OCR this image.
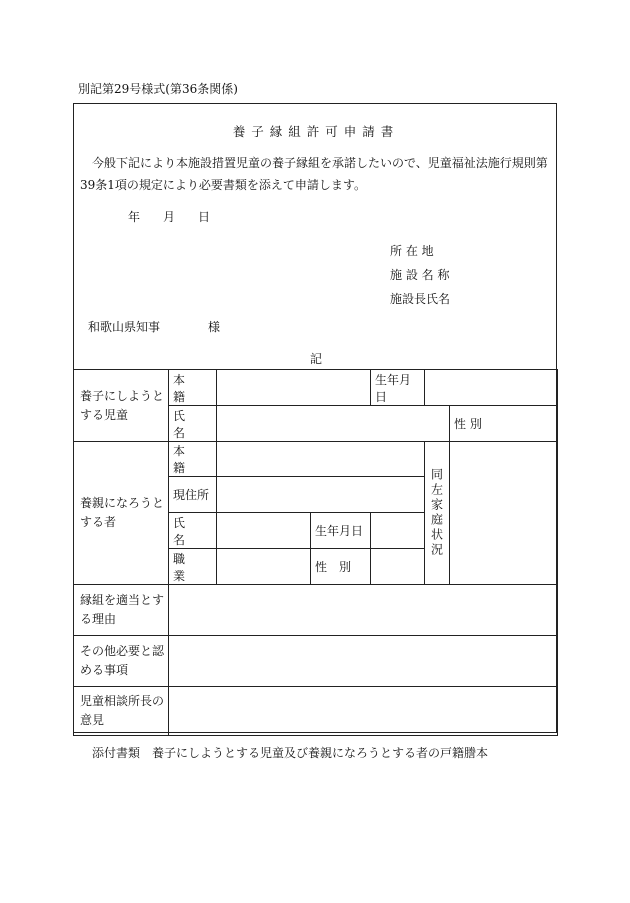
別記第29号様式(第36条関係)
養子縁組許可申請書
今般下記により本施設措置児童の養子縁組を承諾したいので、児童福祉法施行規則第39条1項の規定により必要書類を添えて申請します。
年 月 日
所 在 地
施 設 名 称
施設長氏名
和歌山県知事	様
記
養子にしようとする児童	本　籍			生年月日			
	氏　名					性 別	
養親になろうとする者	本　籍				同左家庭状況		
	現住所						
	氏　名		生年月日				
	職　業		性　別				
縁組を適当とする理由							
その他必要と認める事項							
児童相談所長の意見							
添付書類　養子にしようとする児童及び養親になろうとする者の戸籍謄本
